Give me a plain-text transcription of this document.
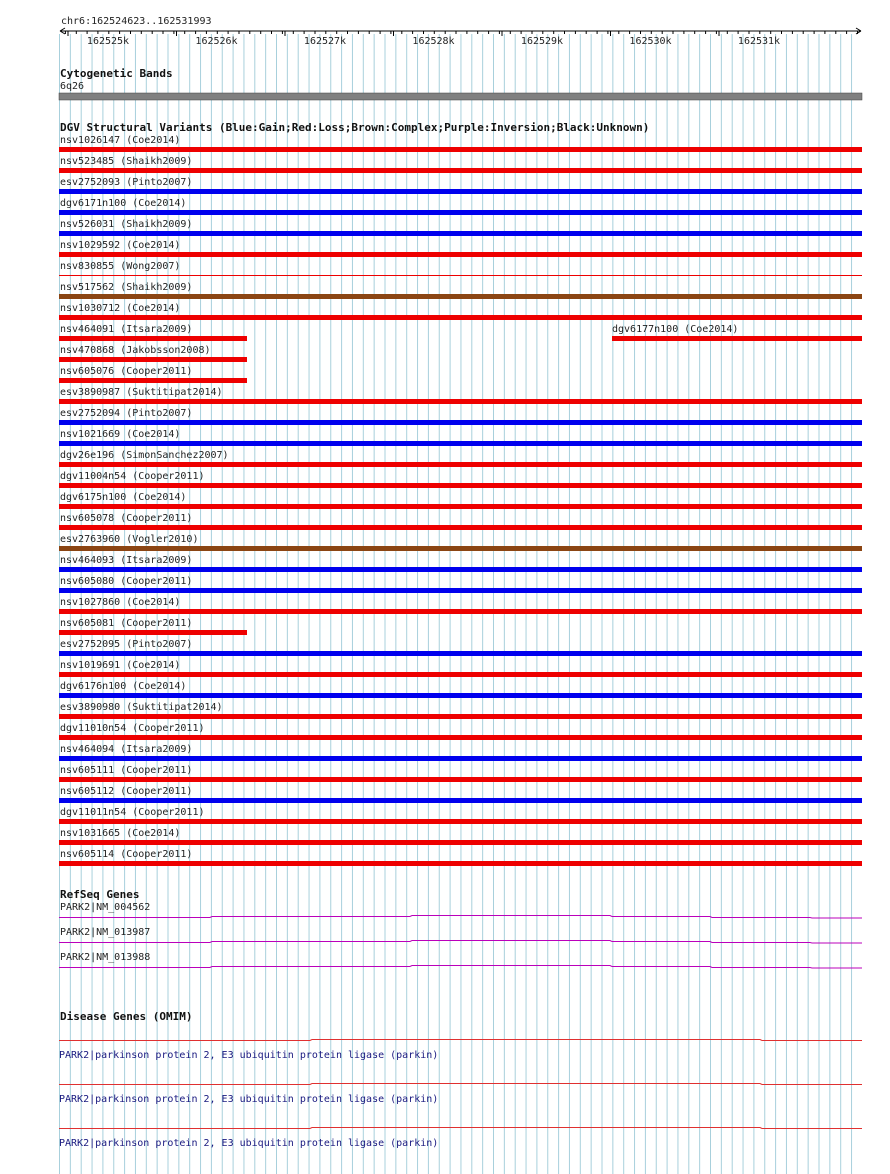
chr6:162524623..162531993
162525k	162526k	162527k	162528k	162529k	162530k	162531k
Cytogenetic Bands
6q26
DGV Structural Variants (Blue:Gain;Red:Loss;Brown:Complex;Purple:Inversion;Black:Unknown)
nsv1026147 (Coe2014)
nsv523485 (Shaikh2009)
esv2752093 (Pinto2007)
dgv6171n100 (Coe2014)
nsv526031 (Shaikh2009)
nsv1029592 (Coe2014)
nsv830855 (Wong2007)
nsv517562 (Shaikh2009)
nsv1030712 (Coe2014)
nsv464091 (Itsara2009)	dgv6177n100 (Coe2014)
nsv470868 (Jakobsson2008)
nsv605076 (Cooper2011)
esv3890987 (Suktitipat2014)
esv2752094 (Pinto2007)
nsv1021669 (Coe2014)
dgv26e196 (SimonSanchez2007)
dgv11004n54 (Cooper2011)
dgv6175n100 (Coe2014)
nsv605078 (Cooper2011)
esv2763960 (Vogler2010)
nsv464093 (Itsara2009)
nsv605080 (Cooper2011)
nsv1027860 (Coe2014)
nsv605081 (Cooper2011)
esv2752095 (Pinto2007)
nsv1019691 (Coe2014)
dgv6176n100 (Coe2014)
esv3890980 (Suktitipat2014)
dgv11010n54 (Cooper2011)
nsv464094 (Itsara2009)
nsv605111 (Cooper2011)
nsv605112 (Cooper2011)
dgv11011n54 (Cooper2011)
nsv1031665 (Coe2014)
nsv605114 (Cooper2011)
RefSeq Genes
PARK2|NM_004562
PARK2|NM_013987
PARK2|NM_013988
Disease Genes (OMIM)
PARK2|parkinson protein 2, E3 ubiquitin protein ligase (parkin)
PARK2|parkinson protein 2, E3 ubiquitin protein ligase (parkin)
PARK2|parkinson protein 2, E3 ubiquitin protein ligase (parkin)
